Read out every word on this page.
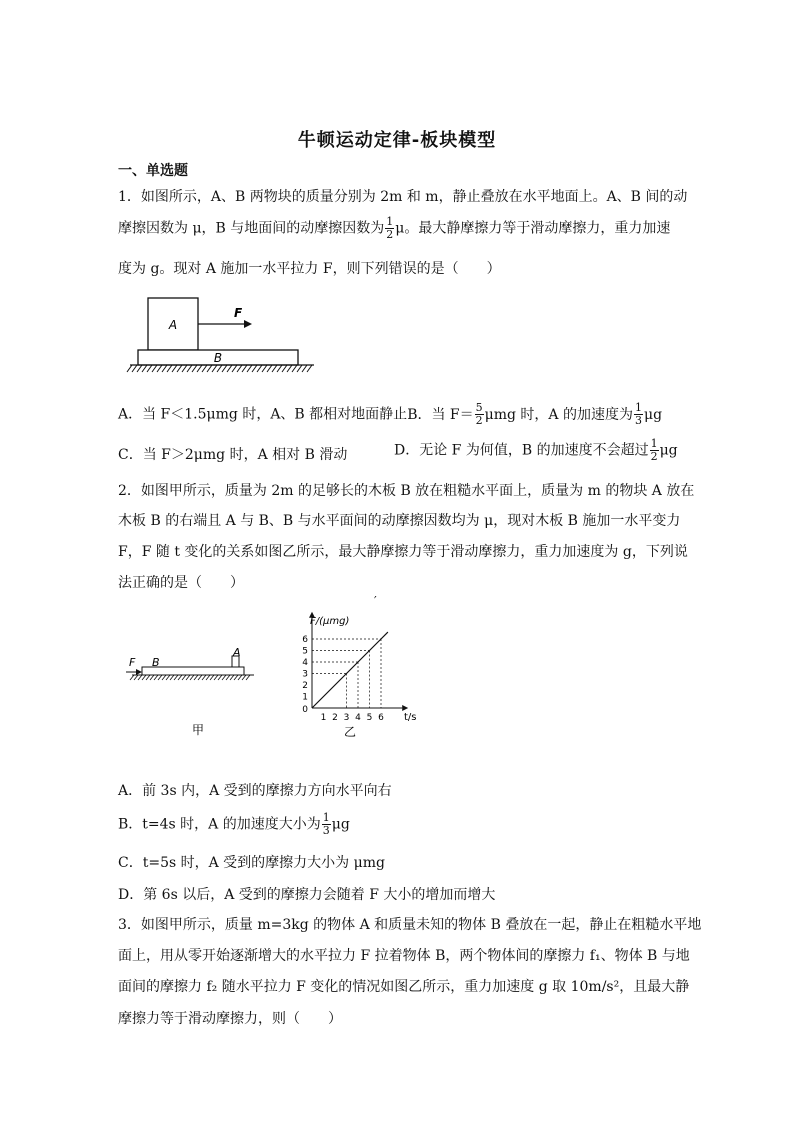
牛顿运动定律-板块模型
一、单选题
1．如图所示，A、B 两物块的质量分别为 2m 和 m，静止叠放在水平地面上。A、B 间的动
摩擦因数为 μ，B 与地面间的动摩擦因数为 $\frac{1}{2}$ μ。最大静摩擦力等于滑动摩擦力，重力加速
度为 g。现对 A 施加一水平拉力 F，则下列错误的是（　　）
A
F
B
A．当 F＜1.5μmg 时，A、B 都相对地面静止B．当 $F= \frac{5}{2}$ μmg 时，A 的加速度为 $\frac{1}{3}$ μg
C．当 F＞2μmg 时，A 相对 B 滑动	D．无论 F 为何值，B 的加速度不会超过 $\frac{1}{2}$ μg
2．如图甲所示，质量为 2m 的足够长的木板 B 放在粗糙水平面上，质量为 m 的物块 A 放在
木板 B 的右端且 A 与 B、B 与水平面间的动摩擦因数均为 μ，现对木板 B 施加一水平变力
F，F 随 t 变化的关系如图乙所示，最大静摩擦力等于滑动摩擦力，重力加速度为 g，下列说
法正确的是（　　）
A
B
F
甲
′
1 2 3 4 5 6
1
2
3
4
5
6
0
F/(μmg)
t/s
乙
A．前 3s 内，A 受到的摩擦力方向水平向右
B．t=4s 时，A 的加速度大小为 $\frac{1}{3}$ μg
C．t=5s 时，A 受到的摩擦力大小为 μmg
D．第 6s 以后，A 受到的摩擦力会随着 F 大小的增加而增大
3．如图甲所示，质量 m=3kg 的物体 A 和质量未知的物体 B 叠放在一起，静止在粗糙水平地
面上，用从零开始逐渐增大的水平拉力 F 拉着物体 B，两个物体间的摩擦力 f₁、物体 B 与地
面间的摩擦力 f₂ 随水平拉力 F 变化的情况如图乙所示，重力加速度 g 取 10m/s²，且最大静
摩擦力等于滑动摩擦力，则（　　）
